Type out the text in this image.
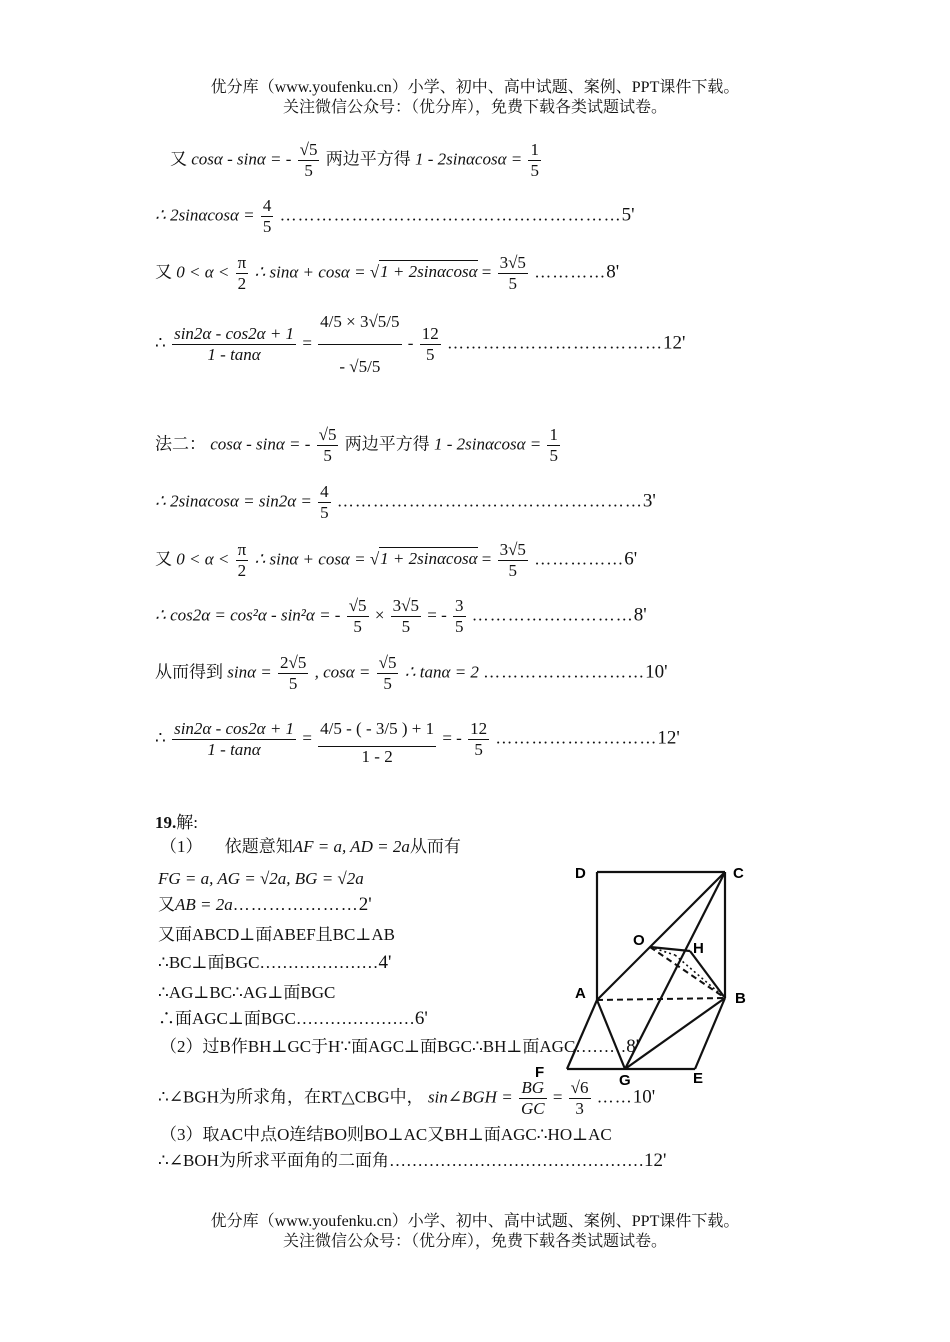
优分库（www.youfenku.cn）小学、初中、高中试题、案例、PPT课件下载。
关注微信公众号：（优分库），免费下载各类试题试卷。
又 cosα - sinα = - $\frac{√5}{5}$ 两边平方得 $1 - 2\sin\alpha\cos\alpha = \frac{1}{5}$
∴ $2\sin\alpha\cos\alpha = \frac{4}{5}$ …………………………………………………5'
又 $0 < \alpha < \frac{\pi}{2}$ ∴ $\sin\alpha + \cos\alpha = √1 + 2\sin\alpha\cos\alpha = \frac{3√5}{5}$ …………8'
∴ $\frac{\sin 2\alpha - \cos 2\alpha + 1}{1 - \tan\alpha} = \frac{4/5 \times 3√5/5}{- √5/5} - \frac{12}{5}$ ………………………………12'
法二： cosα - sinα = - $\frac{√5}{5}$ 两边平方得 $1 - 2\sin\alpha\cos\alpha = \frac{1}{5}$
∴ $2\sin\alpha\cos\alpha = \sin 2\alpha = \frac{4}{5}$ ……………………………………………3'
又 $0 < \alpha < \frac{\pi}{2}$ ∴ $\sin\alpha + \cos\alpha = √1 + 2\sin\alpha\cos\alpha = \frac{3√5}{5}$ ……………6'
∴ cos2α = cos²α - sin²α = - $\frac{√5}{5} \times \frac{3√5}{5}$ = - $\frac{3}{5}$ ………………………8'
从而得到 $\sin\alpha = \frac{2√5}{5}$ , $\cos\alpha = \frac{√5}{5}$ ∴ tanα = 2 ………………………10'
∴ $\frac{\sin 2\alpha - \cos 2\alpha + 1}{1 - \tan\alpha} = \frac{4/5 - ( - 3/5 ) + 1}{1 - 2}$ = - $\frac{12}{5}$ ………………………12'
19.解:
（1） 依题意知AF = a, AD = 2a从而有
FG = a, AG = √2a, BG = √2a
又AB = 2a…………………2'
又面ABCD⊥面ABEF且BC⊥AB
∴BC⊥面BGC…………………4'
∴AG⊥BC∴AG⊥面BGC
∴面AGC⊥面BGC…………………6'
D	C
O	H
A	B
F	G	E
（2）过B作BH⊥GC于H∵面AGC⊥面BGC∴BH⊥面AGC………8'
∴∠BGH为所求角，在RT△CBG中， sin∠BGH = $\frac{BG}{GC} = \frac{√6}{3}$ ……10'
（3）取AC中点O连结BO则BO⊥AC又BH⊥面AGC∴HO⊥AC
∴∠BOH为所求平面角的二面角………………………………………12'
优分库（www.youfenku.cn）小学、初中、高中试题、案例、PPT课件下载。
关注微信公众号：（优分库），免费下载各类试题试卷。
